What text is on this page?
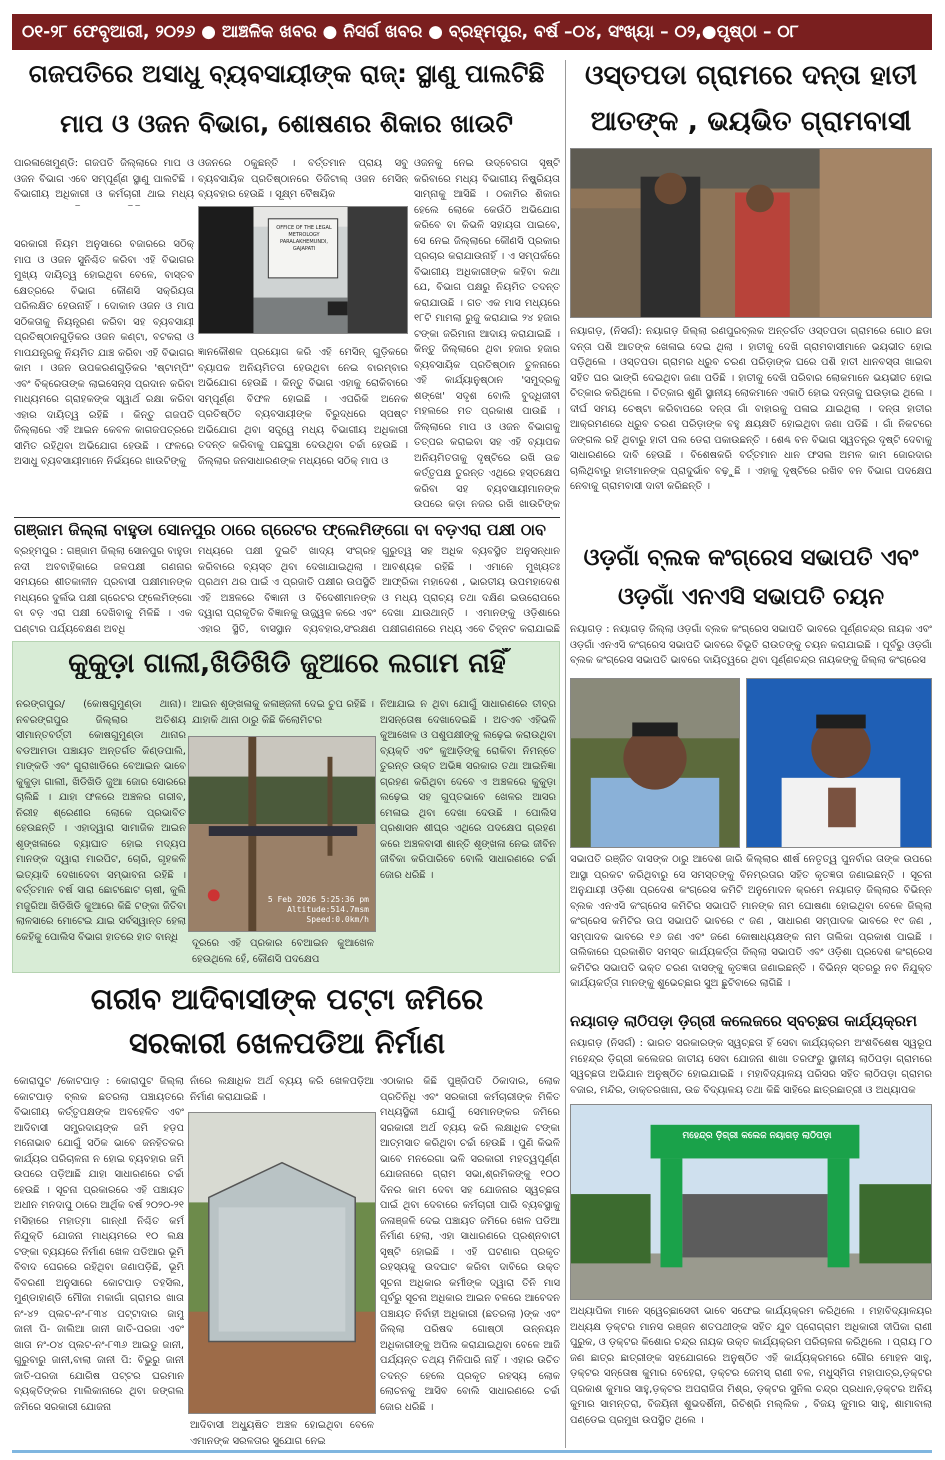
୦୧-୨୮ ଫେବୃଆରୀ, ୨୦୨୬ ● ଆଞ୍ଚଳିକ ଖବର ● ନିସର୍ଗ ଖବର ● ବ୍ରହ୍ମପୁର, ବର୍ଷ –୦୪, ସଂଖ୍ୟା – ୦୨,●ପୃଷ୍ଠା – ୦୮
ଗଜପତିରେ ଅସାଧୁ ବ୍ୟବସାୟୀଙ୍କ ରାଜ୍: ସ୍ଥାଣୁ ପାଲଟିଛି
ମାପ ଓ ଓଜନ ବିଭାଗ, ଶୋଷଣର ଶିକାର ଖାଉଟି
ପାରଳାଖେମୁଣ୍ଡି: ଗଜପତି ଜିଲ୍ଲାରେ ମାପ ଓ ଓଜନ ବିଭାଗ ଏବେ ସମ୍ପୂର୍ଣ୍ଣ ସ୍ଥାଣୁ ପାଲଟିଛି । ବିଭାଗୀୟ ଅଧିକାରୀ ଓ କର୍ମଚାରୀ ଥାଇ ମଧ୍ୟ
ସରକାରୀ ନିୟମ ଅନୁସାରେ ବଜାରରେ ସଠିକ୍ ମାପ ଓ ଓଜନ ସୁନିଶ୍ଚିତ କରିବା ଏହି ବିଭାଗର ମୁଖ୍ୟ ଦାୟିତ୍ୱ ହୋଇଥିବା ବେଳେ, ବାସ୍ତବ କ୍ଷେତ୍ରରେ ବିଭାଗ କୌଣସି ସକ୍ରିୟତା ପରିଲକ୍ଷିତ ହେଉନାହିଁ । ଦୋକାନ ଓଜନ ଓ ମାପ ସଠିକତାକୁ ନିୟନ୍ତ୍ରଣ କରିବା ସହ ବ୍ୟବସାୟୀ ପ୍ରତିଷ୍ଠାନଗୁଡ଼ିକର ଓଜନ କଣ୍ଟା, ବଟକରା ଓ ମାପଯନ୍ତ୍ରକୁ ନିୟମିତ ଯାଞ୍ଚ କରିବା ଏହି ବିଭାଗର କାମ । ଓଜନ ଉପକରଣଗୁଡ଼ିକର 'ଷ୍ଟାମ୍ପିଂ' ଏବଂ ବିକ୍ରେତାଙ୍କ ଲାଇସେନ୍ସ ପ୍ରଦାନ କରିବା ମାଧ୍ୟମରେ ଗ୍ରାହକଙ୍କ ସ୍ୱାର୍ଥ ରକ୍ଷା କରିବା ଏହାର ଦାୟିତ୍ୱ ରହିଛି । କିନ୍ତୁ ଗଜପତି ଜିଲ୍ଲାରେ ଏହି ଆଇନ କେବଳ କାଗଜପତ୍ରରେ ସୀମିତ ରହିଥିବା ଅଭିଯୋଗ ହେଉଛି । ଫଳରେ ଅସାଧୁ ବ୍ୟବସାୟୀମାନେ ନିର୍ଭୟରେ ଖାଉଟିଙ୍କୁ
OFFICE OF THE LEGAL METROLOGY PARALAKHEMUNDI, GAJAPATI
ଓଜନରେ ଠକୁଛନ୍ତି । ବର୍ତ୍ତମାନ ପ୍ରାୟ ସବୁ ବ୍ୟବସାୟିକ ପ୍ରତିଷ୍ଠାନରେ ଡିଜିଟାଲ୍ ଓଜନ ମେସିନ୍ ବ୍ୟବହାର ହେଉଛି । ସୂକ୍ଷ୍ମ ବୈଷୟିକ
ଜ୍ଞାନକୌଶଳ ପ୍ରୟୋଗ କରି ଏହି ମେସିନ୍ ଗୁଡ଼ିକରେ ବ୍ୟାପକ ଅନିୟମିତତା ହେଉଥିବା ନେଇ ବାରମ୍ବାର ଅଭିଯୋଗ ହେଉଛି । କିନ୍ତୁ ବିଭାଗ ଏହାକୁ ରୋକିବାରେ ସମ୍ପୂର୍ଣ୍ଣ ବିଫଳ ହୋଇଛି । ଏପରିକି ଅନେକ ପ୍ରତିଷ୍ଠିତ ବ୍ୟବସାୟୀଙ୍କ ବିରୁଦ୍ଧରେ ସ୍ପଷ୍ଟ ଅଭିଯୋଗ ଥିବା ସତ୍ତ୍ୱେ ମଧ୍ୟ ବିଭାଗୀୟ ଅଧିକାରୀ ତଦନ୍ତ କରିବାକୁ ପଛଘୁଞ୍ଚା ଦେଉଥିବା ଚର୍ଚ୍ଚା ହେଉଛି । ଜିଲ୍ଲାର ଜନସାଧାରଣଙ୍କ ମଧ୍ୟରେ ସଠିକ୍ ମାପ ଓ
ଓଜନକୁ ନେଇ ଉଦ୍‌ବେଗତା ସୃଷ୍ଟି କରିବାରେ ମଧ୍ୟ ବିଭାଗୀୟ ନିଷ୍କ୍ରିୟତା ସାମ୍ନାକୁ ଆସିଛି । ଠକାମିର ଶିକାର ହେଲେ ଲୋକେ କେଉଁଠି ଅଭିଯୋଗ କରିବେ ବା କିଭଳି ସହାୟତା ପାଇବେ, ସେ ନେଇ ଜିଲ୍ଲାରେ କୌଣସି ପ୍ରକାର ପ୍ରଚାର କରାଯାଉନାହିଁ । ଏ ସମ୍ପର୍କରେ ବିଭାଗୀୟ ଅଧିକାରୀଙ୍କ କହିବା କଥା ଯେ, ବିଭାଗ ପକ୍ଷରୁ ନିୟମିତ ତଦନ୍ତ କରାଯାଉଛି । ଗତ ଏକ ମାସ ମଧ୍ୟରେ ୧୮ଟି ମାମଲା ରୁଜୁ କରାଯାଇ ୨୪ ହଜାର ଟଙ୍କା ଜରିମାନା ଆଦାୟ କରାଯାଇଛି । କିନ୍ତୁ ଜିଲ୍ଲାରେ ଥିବା ହଜାର ହଜାର ବ୍ୟବସାୟିକ ପ୍ରତିଷ୍ଠାନ ତୁଳନାରେ ଏହି କାର୍ଯ୍ୟାନୁଷ୍ଠାନ 'ସମୁଦ୍ରକୁ ଶଙ୍ଖେ' ସଦୃଶ ବୋଲି ବୁଦ୍ଧିଜୀବୀ ମହଲରେ ମତ ପ୍ରକାଶ ପାଉଛି । ଜିଲ୍ଲାରେ ମାପ ଓ ଓଜନ ବିଭାଗକୁ ତତ୍ପର କରାଇବା ସହ ଏହି ବ୍ୟାପକ ଅନିୟମିତତାକୁ ଦୃଷ୍ଟିରେ ରଖି ଉଚ୍ଚ କର୍ତ୍ତୃପକ୍ଷ ତୁରନ୍ତ ଏଥିରେ ହସ୍ତକ୍ଷେପ କରିବା ସହ ବ୍ୟବସାୟୀମାନଙ୍କ ଉପରେ କଡ଼ା ନଜର ରଖି ଖାଉଟିଙ୍କ
ଗଞ୍ଜାମ ଜିଲ୍ଲା ବାହୁଡା ସୋନପୁର ଠାରେ ଗ୍ରେଟର ଫ୍ଲେମିଙ୍ଗୋ ବା ବଡ଼ଏରା ପକ୍ଷୀ ଠାବ
ବ୍ରହ୍ମପୁର : ଗଞ୍ଜାମ ଜିଲ୍ଲା ସୋନପୁର ବାହୁଡା ନଦୀ ଅବବାହିକାରେ ଜଳପକ୍ଷୀ ଗଣନାର ସମୟରେ ଶୀତକାଳୀନ ପ୍ରବାସୀ ପକ୍ଷୀମାନଙ୍କ ମଧ୍ୟରେ ଦୁର୍ଲଭ ପକ୍ଷୀ ଗ୍ରେଟର ଫ୍ଲେମିଙ୍ଗୋ ବା ବଡ଼ ଏରା ପକ୍ଷୀ ଦେଖିବାକୁ ମିଳିଛି । ଏକ ଘଣ୍ଟାର ପର୍ଯ୍ୟବେକ୍ଷଣ ଅବଧି
ମଧ୍ୟରେ ପକ୍ଷୀ ଦୁଇଟି ଖାଦ୍ୟ ସଂଗ୍ରହ କରିବାରେ ବ୍ୟସ୍ତ ଥିବା ଦେଖାଯାଇଥିଲା । ପ୍ରଥମ ଥର ପାଇଁ ଏ ପ୍ରଜାତି ପକ୍ଷୀର ଉପସ୍ଥିତି ଏହି ଅଞ୍ଚଳରେ ବିଜ୍ଞାନୀ ଓ ବିଦେଶୀମାନଙ୍କ ଦ୍ୱାରା ପ୍ରାକୃତିକ ବିଜ୍ଞାନକୁ ଉଜ୍ଜ୍ୱଳ କରେ ଏବଂ ଏହାର ସ୍ଥିତି, ବାସସ୍ଥାନ ବ୍ୟବହାର,ସଂରକ୍ଷଣ
ଗୁରୁତ୍ୱ ସହ ଅଧିକ ବ୍ୟବସ୍ଥିତ ଅନୁସନ୍ଧାନ ଆବଶ୍ୟକ ରହିଛି । ଏମାନେ ମୁଖ୍ୟତଃ ଆଫ୍ରିକା ମହାଦେଶ , ଭାରତୀୟ ଉପମହାଦେଶ ଓ ମଧ୍ୟ ପ୍ରାଚ୍ୟ ତଥା ଦକ୍ଷିଣ ଇଉରୋପରେ ଦେଖା ଯାଉଥାନ୍ତି । ଏମାନଙ୍କୁ ଓଡ଼ିଶାରେ ପକ୍ଷୀଗଣନାରେ ମଧ୍ୟ ଏବେ ଚିହ୍ନଟ କରାଯାଇଛି
କୁକୁଡ଼ା ଗାଲୀ,ଖିଡିଖିଡି ଜୁଆରେ ଲଗାମ ନାହିଁ
ନରଙ୍ଗପୁର/ (କୋଷଗୁମୁଣ୍ଡା ଥାନା)। ନବରଙ୍ଗପୁର ଜିଲ୍ଲାର ଅତିଶୟ ସୀମାନ୍ତବର୍ତ୍ତୀ କୋଷଗୁମୁଣ୍ଡା ଥାନାର ବଡଆମଡା ପଞ୍ଚାୟତ ଅନ୍ତର୍ଗତ କିଣ୍ଡପାଲି, ମାଙ୍କଡି ଏବଂ ଗୁରାଖାଡିରେ ବେଆଇନ ଭାବେ କୁକୁଡ଼ା ଗାଲୀ, ଖିଡିଖିଡି ଜୁଆ ଜୋର ସୋରରେ ଚାଲିଛି । ଯାହା ଫଳରେ ଅଞ୍ଚଳର ଗରୀବ, ନିରୀହ ଶ୍ରେଣୀର ଲୋକେ ପ୍ରଭାବିତ ହେଉଛନ୍ତି । ଏହାଦ୍ୱାରା ସାମାଜିକ ଆଇନ ଶୃଙ୍ଖଳାରେ ବ୍ୟାଘାତ ହୋଇ ମଦ୍ୟପ ମାନଙ୍କ ଦ୍ୱାରା ମାରପିଟ, ଚୋରି, ଗୃହକଳି ଇତ୍ୟାଦି ଦେଖାଦେବା ସମ୍ଭାବନା ରହିଛି । ବର୍ତ୍ତମାନ ବର୍ଷ ସାରା ଛୋଟଛୋଟ ଚାଷୀ, କୁଲି ମଜୁରିଆ ଖିଡିଖିଡି କୁଆରେ କିଛି ଟଙ୍କା ଜିତିବା ଲାଳସାରେ ମୋଟେଇ ଯାଇ ସର୍ବସ୍ୱାନ୍ତ ହେଲା କେହିକୁ ପୋଲିସ ବିଭାଗ ହାତରେ ହାତ ବାନ୍ଧି
ଆଇନ ଶୃଙ୍ଖଳାକୁ କଳାଞ୍ଜଳୀ ଦେଇ ଚୁପ ରହିଛି । ଯାହାକି ଥାନା ଠାରୁ କିଛି କିଲୋମିଟର
5 Feb 2026 5:25:36 pm
Altitude:514.7msm
Speed:0.0km/h
ଦୂରରେ ଏହି ପ୍ରକାର ବେଆଇନ କୁଆଖେଳ ହେଉଥିଲେ ହେଁ, କୌଣସି ପଦକ୍ଷେପ
ନିଆଯାଇ ନ ଥିବା ଯୋଗୁଁ ସାଧାରଣରେ ତୀବ୍ର ଅସନ୍ତୋଷ ଦେଖାଦେଇଛି । ଅତଏବ ଏହିଭଳି କୁଆଖେଳ ଓ ପଶୁପକ୍ଷୀଙ୍କୁ ଲଢ଼େଇ କରାଉଥିବା ବ୍ୟକ୍ତି ଏବଂ କୁଆଡ଼ିଙ୍କୁ ରୋକିବା ନିମନ୍ତେ ତୁରନ୍ତ ଉକ୍ତ ଅଭିଜ୍ଞ ସରକାର ତଥା ଆଇନିଜ୍ଞା ଗ୍ରହଣ କରିଥିବା ଦେବେ ଏ ଅଞ୍ଚଳରେ କୁକୁଡ଼ା ଲଢ଼େଇ ସହ ଗୁପ୍ତଭାବେ ଖେଳର ଆସର ମେଳାଇ ଥିବା ଦେଖା ଦେଉଛି । ପୋଲିସ ପ୍ରଶାସନ ଶୀଘ୍ର ଏଥିରେ ପଦକ୍ଷେପ ଗ୍ରହଣ କରେ ଅଞ୍ଚଳବାସୀ ଶାନ୍ତି ଶୃଙ୍ଖଳା ନେଇ ଜୀବିନ ଜୀବିକା କରିପାରିବେ ବୋଲି ସାଧାରଣରେ ଚର୍ଚ୍ଚା ଜୋର ଧରିଛି ।
ଗରୀବ ଆଦିବାସୀଙ୍କ ପଟ୍ଟା ଜମିରେ
ସରକାରୀ ଖେଳପଡିଆ ନିର୍ମାଣ
କୋରାପୁଟ /କୋଟପାଡ଼ : କୋରାପୁଟ ଜିଲ୍ଲା କୋଟପାଡ଼ ବ୍ଲକ ଛତରଲା ପଞ୍ଚାୟତରେ ବିଭାଗୀୟ କର୍ତ୍ତୃପକ୍ଷଙ୍କ ଅବହେଳିତ ଏବଂ ଆଦିବାସୀ ସମ୍ପ୍ରଦାୟଙ୍କ ଜମି ହଡ଼ପ ମନୋଭାବ ଯୋଗୁଁ ସଠିକ ଭାବେ ଜନହିତକର କାର୍ଯ୍ୟର ପରିଚାଳନା ନ ହୋଇ ବ୍ୟବହାର ଜମି ଉପରେ ପଡ଼ିଆଛି ଯାହା ସାଧାରଣରେ ଚର୍ଚ୍ଚା ହେଉଛି । ସୂଚନା ପ୍ରକାରରେ ଏହି ପଞ୍ଚାୟତ ଅଧୀନ ମନଦାପୁ ଠାରେ ଆର୍ଥିକ ବର୍ଷ ୨୦୨୦-୨୧ ମସିହାରେ ମହାତ୍ମା ଗାନ୍ଧୀ ନିଶ୍ଚିତ କର୍ମ ନିଯୁକ୍ତି ଯୋଜନା ମାଧ୍ୟମରେ ୧୦ ଲକ୍ଷ ଟଙ୍କା ବ୍ୟୟରେ ନିର୍ମାଣ ଖେଳ ପଡିଆର ଭୂମି ବିବାଦ ଘେରରେ ରହିଥିବା ଜଣାପଡ଼ିଛି, ଭୂମି ବିବରଣୀ ଅନୁସାରେ କୋଟପାଡ଼ ତହସିଲ, ମୁଣ୍ଡାହାଣ୍ଡି ମୌଜା ମକାଗାଁ ଗ୍ରାମର ଖାତା ନଂ-୪୨ ପ୍ଲଟ-ନଂ-୮୩୪ ପଟ୍ଟାଦାର ଜାମୁ ଜାନୀ ପି- ଜାଲିଆ ଜାନୀ ଜାତି-ପରଜା ଏବଂ ଖାତା ନଂ-୦୪ ପ୍ଲଟ-ନଂ-୮୩୬ ଆଇଡୁ ଜାନୀ, ଗୁରୁବାରୁ ଜାନୀ,ବାଲା ଜାନୀ ପି: ବିଭୁରୁ ଜାନୀ ଜାତି-ପରଜା ଯୋଗିଷ ପଟ୍ଟର ଘରମାନ ବ୍ୟକ୍ତିଙ୍କର ମାଲିକାନାରେ ଥିବା ଜଙ୍ଗଲ ଜମିରେ ସରକାରୀ ଯୋଜନା
ନାଁରେ ଲକ୍ଷାଧିକ ଅର୍ଥ ବ୍ୟୟ କରି ଖେଳପଡ଼ିଆ ନିର୍ମାଣ କରାଯାଇଛି ।
ଆଦିବାସୀ ଅଧ୍ୟୁଷିତ ଅଞ୍ଚଳ ହୋଇଥିବା ବେଳେ ଏମାନଙ୍କ ସରଳତାର ସୁଯୋଗ ନେଇ
ଏଠାକାର କିଛି ପୁଞ୍ଜିପତି ଠିକାଦାର, ଲୋକ ପ୍ରତିନିଧି ଏବଂ ସରକାରୀ କର୍ମଚାରୀଙ୍କ ମିଳିତ ମଧ୍ୟସ୍ଥିକୀ ଯୋଗୁଁ ସେମାନଙ୍କର ଜମିରେ ସରକାରୀ ଅର୍ଥ ବ୍ୟୟ କରି ଲକ୍ଷାଧିକ ଟଙ୍କା ଆତ୍ମସାତ କରିଥିବା ଚର୍ଚ୍ଚା ହେଉଛି । ପୁଣି କିଭଳି ଭାବେ ମନରେଗା ଭଳି ସରକାରୀ ମହତ୍ୱପୂର୍ଣ୍ଣ ଯୋଜନାରେ ଗ୍ରାମ ସଭା,ଶ୍ରମିକଙ୍କୁ ୧୦୦ ଦିନର କାମ ଦେବା ସହ ଯୋଜନାର ସ୍ୱଚ୍ଛତା ପାଇଁ ଥିବା ଦେବାରେ କର୍ମଚାରୀ ପାରି ବ୍ୟବସ୍ଥାକୁ ଜଳାଞ୍ଜଳି ଦେଇ ପଞ୍ଚାୟତ ଜମିରେ ଖେଳ ପଡିଆ ନିର୍ମାଣ ହେଲା, ଏହା ସାଧାରଣରେ ପ୍ରଶ୍ନବାଚୀ ସୃଷ୍ଟି ହୋଇଛି । ଏହି ଘଟଣାର ପ୍ରକୃତ ରହସ୍ୟକୁ ଉଦଘାଟ କରିବା ଦାବିରେ ଉକ୍ତ ସୂଚନା ଅଧିକାର କର୍ମୀଙ୍କ ଦ୍ୱାରା ତିନି ମାସ ପୂର୍ବରୁ ସୂଚନା ଅଧିକାର ଆଇନ ବଳରେ ଆବେଦନ ପଞ୍ଚାୟତ ନିର୍ବାହୀ ଅଧିକାରୀ (ଛତରଲା )ଙ୍କ ଏବଂ ଜିଲ୍ଲା ପରିଷଦ ଗୋଷ୍ଠୀ ଉନ୍ନୟନ ଅଧିକାରୀଙ୍କୁ ଅପିଲ କରାଯାଇଥିବା ବେଳେ ଆଜି ପର୍ଯ୍ୟନ୍ତ ତଥ୍ୟ ମିଳିପାରି ନାହିଁ । ଏହାର ଉଚିତ ତଦନ୍ତ ହେଲେ ପ୍ରକୃତ ରହସ୍ୟ ଲୋକ ଲୋଚନକୁ ଆସିବ ବୋଲି ସାଧାରଣରେ ଚର୍ଚ୍ଚା ଜୋର ଧରିଛି ।
ଓସ୍ତପଡା ଗ୍ରାମରେ ଦନ୍ତା ହାତୀ
ଆତଙ୍କ , ଭୟଭିତ ଗ୍ରାମବାସୀ
ନୟାଗଡ଼, (ନିସର୍ଗ): ନୟାଗଡ଼ ଜିଲ୍ଲା ରଣପୁରବ୍ଲକ ଅନ୍ତର୍ଗତ ଓସ୍ତପଡା ଗ୍ରାମରେ ଗୋଠ ଛଡା ଦନ୍ତା ପଶି ଆତଙ୍କ ଖେଳାଇ ଦେଇ ଥିଲା । ହାତୀକୁ ଦେଖି ଗ୍ରାମବାସୀମାନେ ଭୟଭୀତ ହୋଇ ପଡ଼ିଥିଲେ । ଓସ୍ତପଡା ଗ୍ରାମର ଧ୍ରୁବ ଚରଣ ପରିଡ଼ାଙ୍କ ଘରେ ପଶି ହାତୀ ଧାନବସ୍ତା ଖାଇବା ସହିତ ଘର ଭାଙ୍ଗି ଦେଇଥିବା ଜଣା ପଡିଛି । ହାତୀକୁ ଦେଖି ପରିବାର ଲୋକମାନେ ଭୟଭୀତ ହୋଇ ଚିତ୍କାର କରିଥିଲେ । ଚିତ୍କାର ଶୁଣି ସ୍ଥାନୀୟ ଲୋକମାନେ ଏକାଠି ହୋଇ ଦନ୍ତାକୁ ଘଉଡ଼ାଇ ଥିଲେ । ଦୀର୍ଘ ସମୟ ଚେଷ୍ଟା କରିବାପରେ ଦନ୍ତା ଗାଁ ବାହାରକୁ ପଳାଇ ଯାଇଥିଲା । ଦନ୍ତା ହାତୀର ଆକ୍ରମଣରେ ଧ୍ରୁବ ଚରଣ ପରିଡ଼ାଙ୍କ ବହୁ କ୍ଷୟକ୍ଷତି ହୋଇଥିବା ଜଣା ପଡିଛି । ଗାଁ ନିକଟରେ ଜଙ୍ଗଲ ରହି ଥିବାରୁ ହାତୀ ପଲ ଡେରା ପକାଉଛନ୍ତି । ଶେଣ୍ଢ ବନ ବିଭାଗ ସ୍ୱତନ୍ତ୍ର ଦୃଷ୍ଟି ଦେବାକୁ ସାଧାରଣରେ ଦାବି ହେଉଛି । ବିଶେଷକରି ବର୍ତ୍ତମାନ ଧାନ ଫସଲ ଅମଳ କାମ ଜୋରଦାର ଚାଲିଥିବାରୁ ହାତୀମାନଙ୍କ ପ୍ରାଦୁର୍ଭାବ ବଢ଼ୁଛି । ଏହାକୁ ଦୃଷ୍ଟିରେ ରଖିବ ବନ ବିଭାଗ ପଦକ୍ଷେପ ନେବାକୁ ଗ୍ରାମବାସୀ ଦାବୀ କରିଛନ୍ତି ।
ଓଡ଼ଗାଁ ବ୍ଲକ କଂଗ୍ରେସ ସଭାପତି ଏବଂ
ଓଡ଼ଗାଁ ଏନଏସି ସଭାପତି ଚୟନ
ନୟାଗଡ଼ : ନୟାଗଡ଼ ଜିଲ୍ଲା ଓଡ଼ଗାଁ ବ୍ଲକ କଂଗ୍ରେସ ସଭାପତି ଭାବରେ ପୂର୍ଣ୍ଣଚନ୍ଦ୍ର ନାୟକ ଏବଂ ଓଡ଼ଗାଁ ଏନଏସି କଂଗ୍ରେସ ସଭାପତି ଭାବରେ ବିଭୂତି ରାଉତଙ୍କୁ ଚୟନ କରାଯାଇଛି । ପୂର୍ବରୁ ଓଡ଼ଗାଁ ବ୍ଲକ କଂଗ୍ରେସ ସଭାପତି ଭାବରେ ଦାୟିତ୍ୱରେ ଥିବା ପୂର୍ଣ୍ଣଚନ୍ଦ୍ର ନାୟକଙ୍କୁ ଜିଲ୍ଲା କଂଗ୍ରେସ
ସଭାପତି ରଞ୍ଜିତ ଦାସଙ୍କ ଠାରୁ ଆଦେଶ ଜାରି କିଲ୍ଲାର ଶୀର୍ଷ ନେତୃତ୍ୱ ପୁନର୍ବାର ତାଙ୍କ ଉପରେ ଆସ୍ଥା ପ୍ରକଟ କରିଥିବାରୁ ସେ ସମସ୍ତଙ୍କୁ ବିନମ୍ରତାର ସହିତ କୃତଜ୍ଞତା ଜଣାଇଛନ୍ତି । ସୂଚନା ଅନୁଯାୟୀ ଓଡ଼ିଶା ପ୍ରଦେଶ କଂଗ୍ରେସ କମିଟି ଅନୁମୋଦନ କ୍ରମେ ନୟାଗଡ଼ ଜିଲ୍ଲାର ବିଭିନ୍ନ ବ୍ଲକ ଏନଏସି କଂଗ୍ରେସ କମିଟିର ସଭାପତି ମାନଙ୍କ ନାମ ଘୋଷଣା ହୋଇଥିବା ବେଳେ ଜିଲ୍ଲା କଂଗ୍ରେସ କମିଟିର ଉପ ସଭାପତି ଭାବରେ ୯ ଜଣ , ସାଧାରଣ ସମ୍ପାଦକ ଭାବରେ ୧୯ ଜଣ , ସମ୍ପାଦକ ଭାବରେ ୧୬ ଜଣ ଏବଂ ଜଣେ କୋଷାଧ୍ୟକ୍ଷଙ୍କ ନାମ ତାଲିକା ପ୍ରକାଶ ପାଇଛି । ତାଲିକାରେ ପ୍ରକାଶିତ ସମସ୍ତ କାର୍ଯ୍ୟକର୍ତ୍ତା ଜିଲ୍ଲା ସଭାପତି ଏବଂ ଓଡ଼ିଶା ପ୍ରଦେଶ କଂଗ୍ରେସ କମିଟିର ସଭାପତି ଭକ୍ତ ଚରଣ ଦାସଙ୍କୁ କୃତଜ୍ଞତା ଜଣାଇଛନ୍ତି । ବିଭିନ୍ନ ସ୍ତରରୁ ନବ ନିଯୁକ୍ତ କାର୍ଯ୍ୟକର୍ତ୍ତା ମାନଙ୍କୁ ଶୁଭେଚ୍ଛାର ସୁଅ ଛୁଟିବାରେ ଲାଗିଛି ।
ନୟାଗଡ଼ ଲାଠିପଡ଼ା ଡ଼ିଗ୍ରୀ କଲେଜରେ ସ୍ବଚ୍ଛତା କାର୍ଯ୍ୟକ୍ରମ
ନୟାଗଡ଼ (ନିସର୍ଗ) : ଭାରତ ସରକାରଙ୍କ ସ୍ୱଚ୍ଛତା ହିଁ ସେବା କାର୍ଯ୍ୟକ୍ରମ ଅଂଶବିଶେଷ ସ୍ୱରୂପ ମହେନ୍ଦ୍ର ଡ଼ିଗ୍ରୀ କଲେଜର ଜାତୀୟ ସେବା ଯୋଜନା ଶାଖା ତରଫରୁ ସ୍ଥାନୀୟ ଲାଠିପଡ଼ା ଗ୍ରାମରେ ସ୍ୱଚ୍ଛତା ଅଭିଯାନ ଅନୁଷ୍ଠିତ ହୋଇଯାଇଛି । ମହାବିଦ୍ୟାଳୟ ପରିସର ସହିତ ଲାଠିପଡ଼ା ଗ୍ରାମର ବଜାର, ମନ୍ଦିର, ଡାକ୍ତରଖାନା, ଉଚ୍ଚ ବିଦ୍ୟାଳୟ ତଥା କିଛି ସାହିରେ ଛାତ୍ରଛାତ୍ରୀ ଓ ଅଧ୍ୟାପକ
ମହେନ୍ଦ୍ର ଡ଼ିଗ୍ରୀ କଲେଜ ନୟାଗଡ଼ ଲାଠିପଡ଼ା
ଅଧ୍ୟାପିକା ମାନେ ସ୍ୱେଚ୍ଛାସେବୀ ଭାବେ ସଫେଇ କାର୍ଯ୍ୟକ୍ରମ କରିଥିଲେ । ମହାବିଦ୍ୟାଳୟର ଅଧ୍ୟକ୍ଷ ଡ଼କ୍ଟର ମାନସ ରଞ୍ଜନ ଶତପଥୀଙ୍କ ସହିତ ଯୁବ ପ୍ରୋଗ୍ରାମ ଅଧିକାରୀ ଦୀପିକା ରାଣୀ ପୁରୁକ, ଓ ଡ଼କ୍ଟର କିଶୋର ଚନ୍ଦ୍ର ନାୟକ ଉକ୍ତ କାର୍ଯ୍ୟକ୍ରମ ପରିଚାଳନା କରିଥିଲେ । ପ୍ରାୟ ୮୦ ଜଣ ଛାତ୍ର ଛାତ୍ରୀଙ୍କ ସହଯୋଗରେ ଅନୁଷ୍ଠିତ ଏହି କାର୍ଯ୍ୟକ୍ରମରେ ଗୌର ମୋହନ ସାହୁ, ଡ଼କ୍ଟର ସନ୍ତୋଷ କୁମାର ବେହେରା, ଡ଼କ୍ଟର ଜେମସ୍ ରାଣୀ ବଳ, ମଧୁସ୍ମିତା ମହାପାତ୍ର,ଡ଼କ୍ଟର ପ୍ରକାଶ କୁମାର ସାହୁ,ଡ଼କ୍ଟର ଅପରାଜିତା ମିଶ୍ର, ଡ଼କ୍ଟର ସୁନିଲ ଚନ୍ଦ୍ର ପ୍ରଧାନ,ଡ଼କ୍ଟର ଅନିୟ କୁମାର ସାମନ୍ତରା, ବିଜୟିନୀ ଶୁଭଦର୍ଶିନୀ, ରିଚିଶ୍ରି ମଲ୍ଲିକ , ବିଜୟ କୁମାର ସାହୁ, ଶାମାବାଲା ପଣ୍ଡେଇ ପ୍ରମୁଖ ଉପସ୍ଥିତ ଥିଲେ ।
